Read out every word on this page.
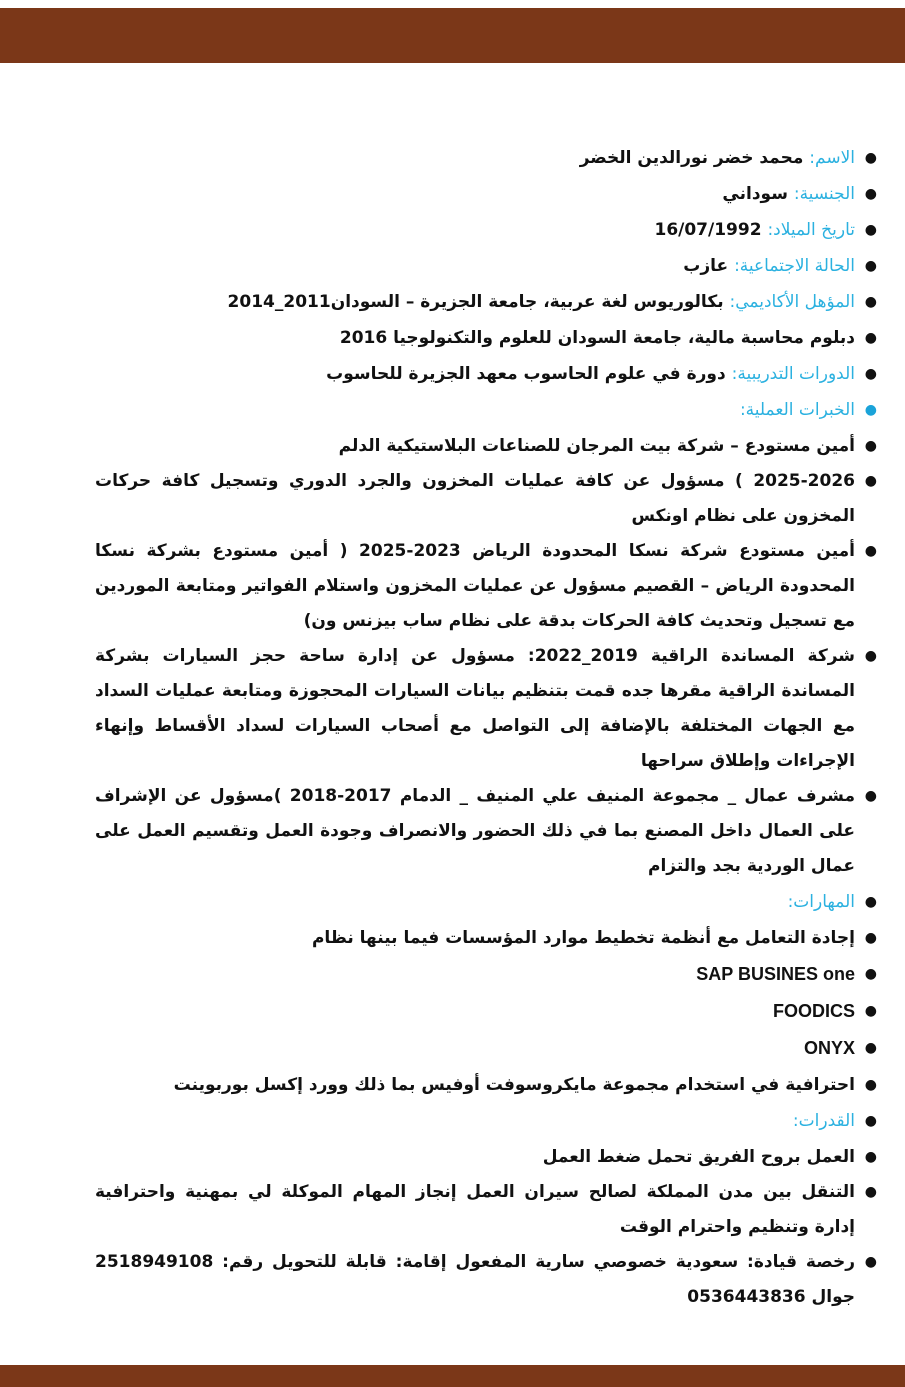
●
الاسم: محمد خضر نورالدين الخضر
●
الجنسية: سوداني
●
تاريخ الميلاد: 16/07/1992
●
الحالة الاجتماعية: عازب
●
المؤهل الأكاديمي: بكالوريوس لغة عربية، جامعة الجزيرة – السودان2011_2014
●
دبلوم محاسبة مالية، جامعة السودان للعلوم والتكنولوجيا 2016
●
الدورات التدريبية: دورة في علوم الحاسوب معهد الجزيرة للحاسوب
●
الخبرات العملية:
●
أمين مستودع – شركة بيت المرجان للصناعات البلاستيكية الدلم
●
2025-2026 ) مسؤول عن كافة عمليات المخزون والجرد الدوري وتسجيل كافة حركات المخزون على نظام اونكس
●
أمين مستودع شركة نسكا المحدودة الرياض 2023-2025 ( أمين مستودع بشركة نسكا المحدودة الرياض – القصيم مسؤول عن عمليات المخزون واستلام الفواتير ومتابعة الموردين مع تسجيل وتحديث كافة الحركات بدقة على نظام ساب بيزنس ون)
●
شركة المساندة الراقية 2019_2022: مسؤول عن إدارة ساحة حجز السيارات بشركة المساندة الراقية مقرها جده قمت بتنظيم بيانات السيارات المحجوزة ومتابعة عمليات السداد مع الجهات المختلفة بالإضافة إلى التواصل مع أصحاب السيارات لسداد الأقساط وإنهاء الإجراءات وإطلاق سراحها
●
مشرف عمال _ مجموعة المنيف علي المنيف _ الدمام 2017-2018 )مسؤول عن الإشراف على العمال داخل المصنع بما في ذلك الحضور والانصراف وجودة العمل وتقسيم العمل على عمال الوردية بجد والتزام
●
المهارات:
●
إجادة التعامل مع أنظمة تخطيط موارد المؤسسات فيما بينها نظام
●
SAP BUSINES one
●
FOODICS
●
ONYX
●
احترافية في استخدام مجموعة مايكروسوفت أوفيس بما ذلك وورد إكسل بوربوينت
●
القدرات:
●
العمل بروح الفريق تحمل ضغط العمل
●
التنقل بين مدن المملكة لصالح سيران العمل إنجاز المهام الموكلة لي بمهنية واحترافية إدارة وتنظيم واحترام الوقت
●
رخصة قيادة: سعودية خصوصي سارية المفعول إقامة: قابلة للتحويل رقم: 2518949108 جوال 0536443836
